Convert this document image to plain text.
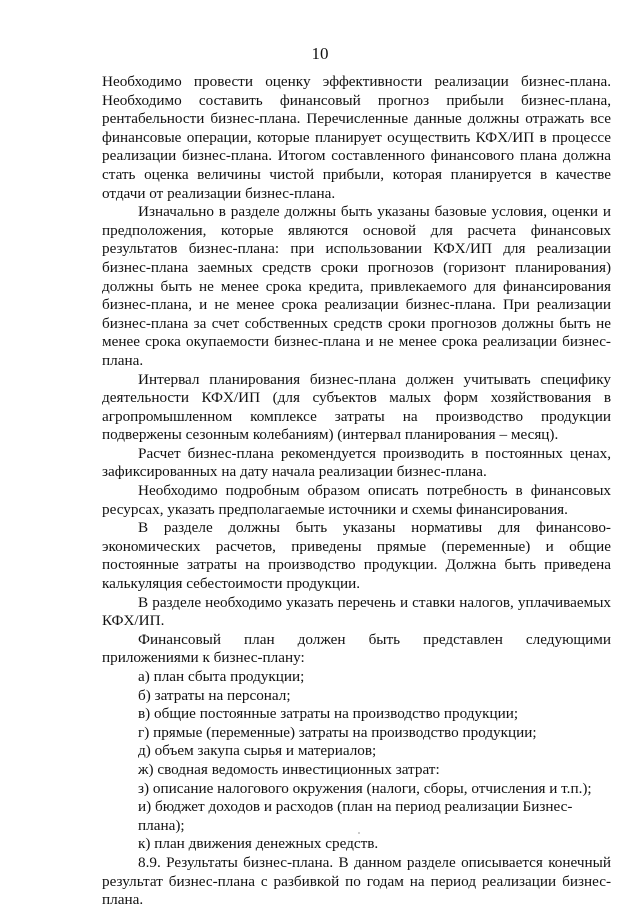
10

Необходимо провести оценку эффективности реализации бизнес-плана. Необходимо составить финансовый прогноз прибыли бизнес-плана, рентабельности бизнес-плана. Перечисленные данные должны отражать все финансовые операции, которые планирует осуществить КФХ/ИП в процессе реализации бизнес-плана. Итогом составленного финансового плана должна стать оценка величины чистой прибыли, которая планируется в качестве отдачи от реализации бизнес-плана.

Изначально в разделе должны быть указаны базовые условия, оценки и предположения, которые являются основой для расчета финансовых результатов бизнес-плана: при использовании КФХ/ИП для реализации бизнес-плана заемных средств сроки прогнозов (горизонт планирования) должны быть не менее срока кредита, привлекаемого для финансирования бизнес-плана, и не менее срока реализации бизнес-плана. При реализации бизнес-плана за счет собственных средств сроки прогнозов должны быть не менее срока окупаемости бизнес-плана и не менее срока реализации бизнес-плана.

Интервал планирования бизнес-плана должен учитывать специфику деятельности КФХ/ИП (для субъектов малых форм хозяйствования в агропромышленном комплексе затраты на производство продукции подвержены сезонным колебаниям) (интервал планирования – месяц).

Расчет бизнес-плана рекомендуется производить в постоянных ценах, зафиксированных на дату начала реализации бизнес-плана.

Необходимо подробным образом описать потребность в финансовых ресурсах, указать предполагаемые источники и схемы финансирования.

В разделе должны быть указаны нормативы для финансово-экономических расчетов, приведены прямые (переменные) и общие постоянные затраты на производство продукции. Должна быть приведена калькуляция себестоимости продукции.

В разделе необходимо указать перечень и ставки налогов, уплачиваемых КФХ/ИП.

Финансовый план должен быть представлен следующими приложениями к бизнес-плану:

а) план сбыта продукции;
б) затраты на персонал;
в) общие постоянные затраты на производство продукции;
г) прямые (переменные) затраты на производство продукции;
д) объем закупа сырья и материалов;
ж) сводная ведомость инвестиционных затрат:
з) описание налогового окружения (налоги, сборы, отчисления и т.п.);
и) бюджет доходов и расходов (план на период реализации Бизнес-плана);
к) план движения денежных средств.

8.9. Результаты бизнес-плана. В данном разделе описывается конечный результат бизнес-плана с разбивкой по годам на период реализации бизнес-плана.
